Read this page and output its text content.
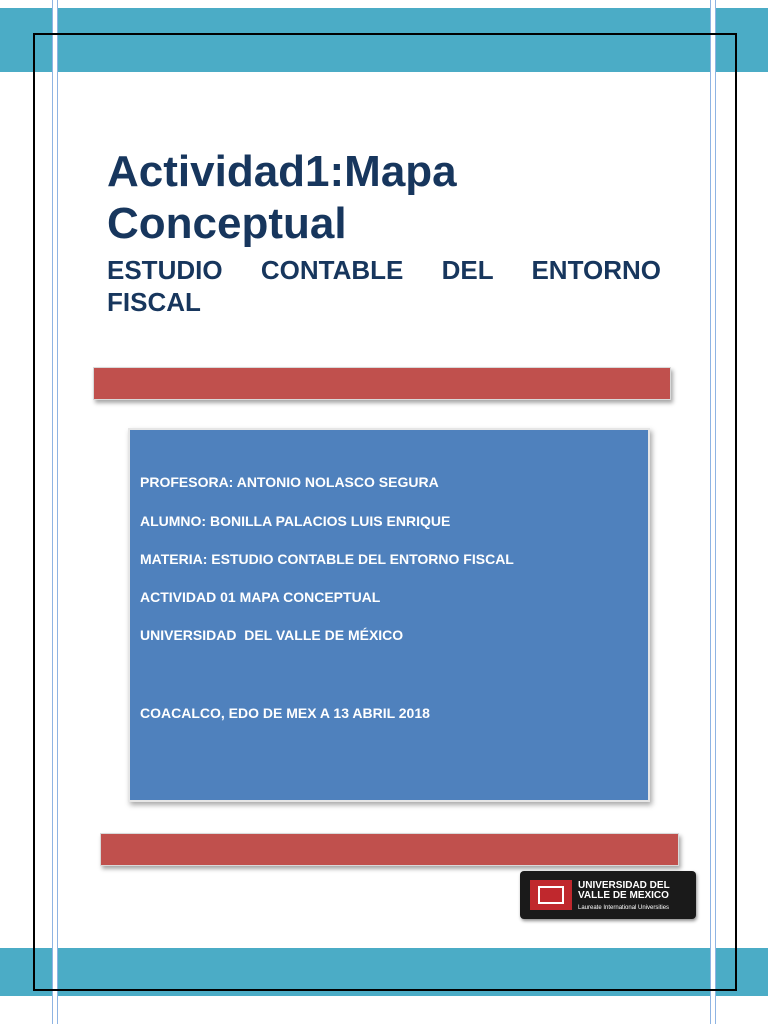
Actividad1:Mapa Conceptual

ESTUDIO CONTABLE DEL ENTORNO FISCAL

PROFESORA: ANTONIO NOLASCO SEGURA

ALUMNO: BONILLA PALACIOS LUIS ENRIQUE

MATERIA: ESTUDIO CONTABLE DEL ENTORNO FISCAL

ACTIVIDAD 01 MAPA CONCEPTUAL

UNIVERSIDAD  DEL VALLE DE MÉXICO

COACALCO, EDO DE MEX A 13 ABRIL 2018

UNIVERSIDAD DEL VALLE DE MEXICO
Laureate International Universities
